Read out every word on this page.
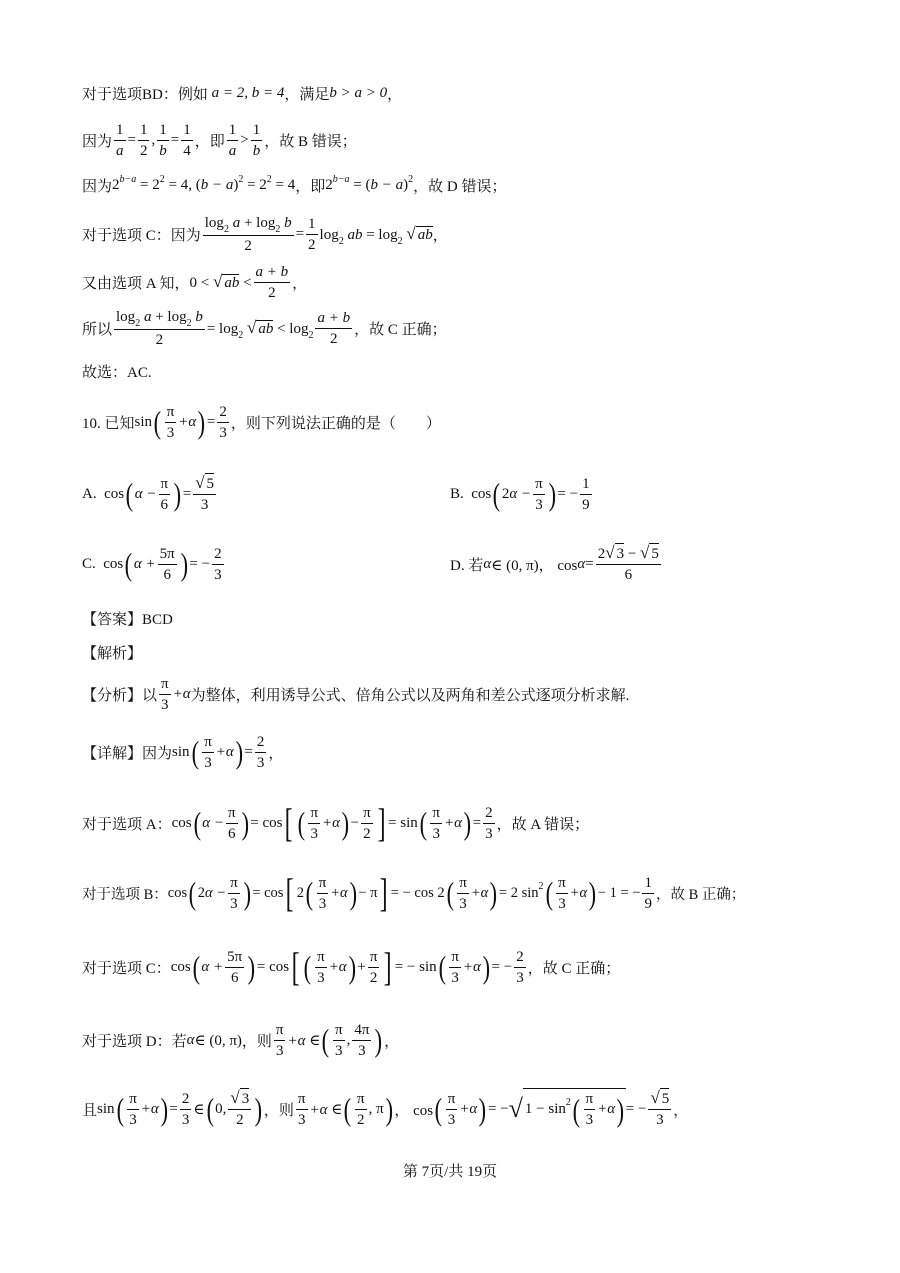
对于选项BD：例如 a = 2, b = 4 ，满足 b > a > 0 ，
因为 $\frac{1}{a} = \frac{1}{2}$ , $\frac{1}{b} = \frac{1}{4}$ ，即 $\frac{1}{a} > \frac{1}{b}$ ，故 B 错误；
因为 $2^{b-a} = 2^2 = 4$, $(b - a)^2 = 2^2 = 4$ ，即 $2^{b-a} = (b - a)^2$ ，故 D 错误；
对于选项 C：因为 $\frac{\log_2 a + \log_2 b}{2} = \frac{1}{2} \log_2$ ab = $\log_2$ √ ab ，
又由选项 A 知， 0 < √ ab < $\frac{a + b}{2}$ ，
所以 $\frac{\log_2 a + \log_2 b}{2} = \log_2$ √ ab < $\log_2 \frac{a + b}{2}$ ，故 C 正确；
故选：AC.
10. 已知 sin ( $\frac{\pi}{3} +\alpha$ ) = $\frac{2}{3}$ ，则下列说法正确的是（　　）
A. cos ( $\alpha - \frac{\pi}{6}$ ) = $\frac{√ 5}{3}$	B. cos ( 2 $\alpha - \frac{\pi}{3}$ ) = − $\frac{1}{9}$
C. cos ( $\alpha + \frac{5\pi}{6}$ ) = − $\frac{2}{3}$	D. 若 α ∈ (0, π)， $\cos \alpha = \frac{2√ 3 - √ 5}{6}$
【答案】BCD
【解析】
【分析】以 $\frac{\pi}{3} +\alpha$ 为整体，利用诱导公式、倍角公式以及两角和差公式逐项分析求解.
【详解】因为 sin ( $\frac{\pi}{3} +\alpha$ ) = $\frac{2}{3}$ ，
对于选项 A： cos ( $\alpha - \frac{\pi}{6}$ ) = cos [ ( $\frac{\pi}{3} +\alpha$ ) − $\frac{\pi}{2}$ ] = sin ( $\frac{\pi}{3} +\alpha$ ) = $\frac{2}{3}$ ，故 A 错误；
对于选项 B： cos ( 2 $\alpha - \frac{\pi}{3}$ ) = cos [ 2 ( $\frac{\pi}{3} +\alpha$ ) − π ] = − cos 2 ( $\frac{\pi}{3} +\alpha$ ) = 2 sin 2 ( $\frac{\pi}{3} +\alpha$ ) − 1 = − $\frac{1}{9}$ ，故 B 正确；
对于选项 C： cos ( $\alpha + \frac{5\pi}{6}$ ) = cos [ ( $\frac{\pi}{3} +\alpha$ ) + $\frac{\pi}{2}$ ] = − sin ( $\frac{\pi}{3} +\alpha$ ) = − $\frac{2}{3}$ ，故 C 正确；
对于选项 D：若 α ∈ (0, π) ，则 $\frac{\pi}{3} +\alpha$ ∈ ( $\frac{\pi}{3}$ , $\frac{4\pi}{3}$ ) ，
且 sin ( $\frac{\pi}{3} +\alpha$ ) = $\frac{2}{3}$ ∈ ( 0, $\frac{√ 3}{2}$ ) ，则 $\frac{\pi}{3} +\alpha$ ∈ ( $\frac{\pi}{2}$ , π ) ， cos ( $\frac{\pi}{3} +\alpha$ ) = − √ 1 − sin 2 ( $\frac{\pi}{3} +\alpha$ ) = − $\frac{√ 5}{3}$ ，
第 7页/共 19页
